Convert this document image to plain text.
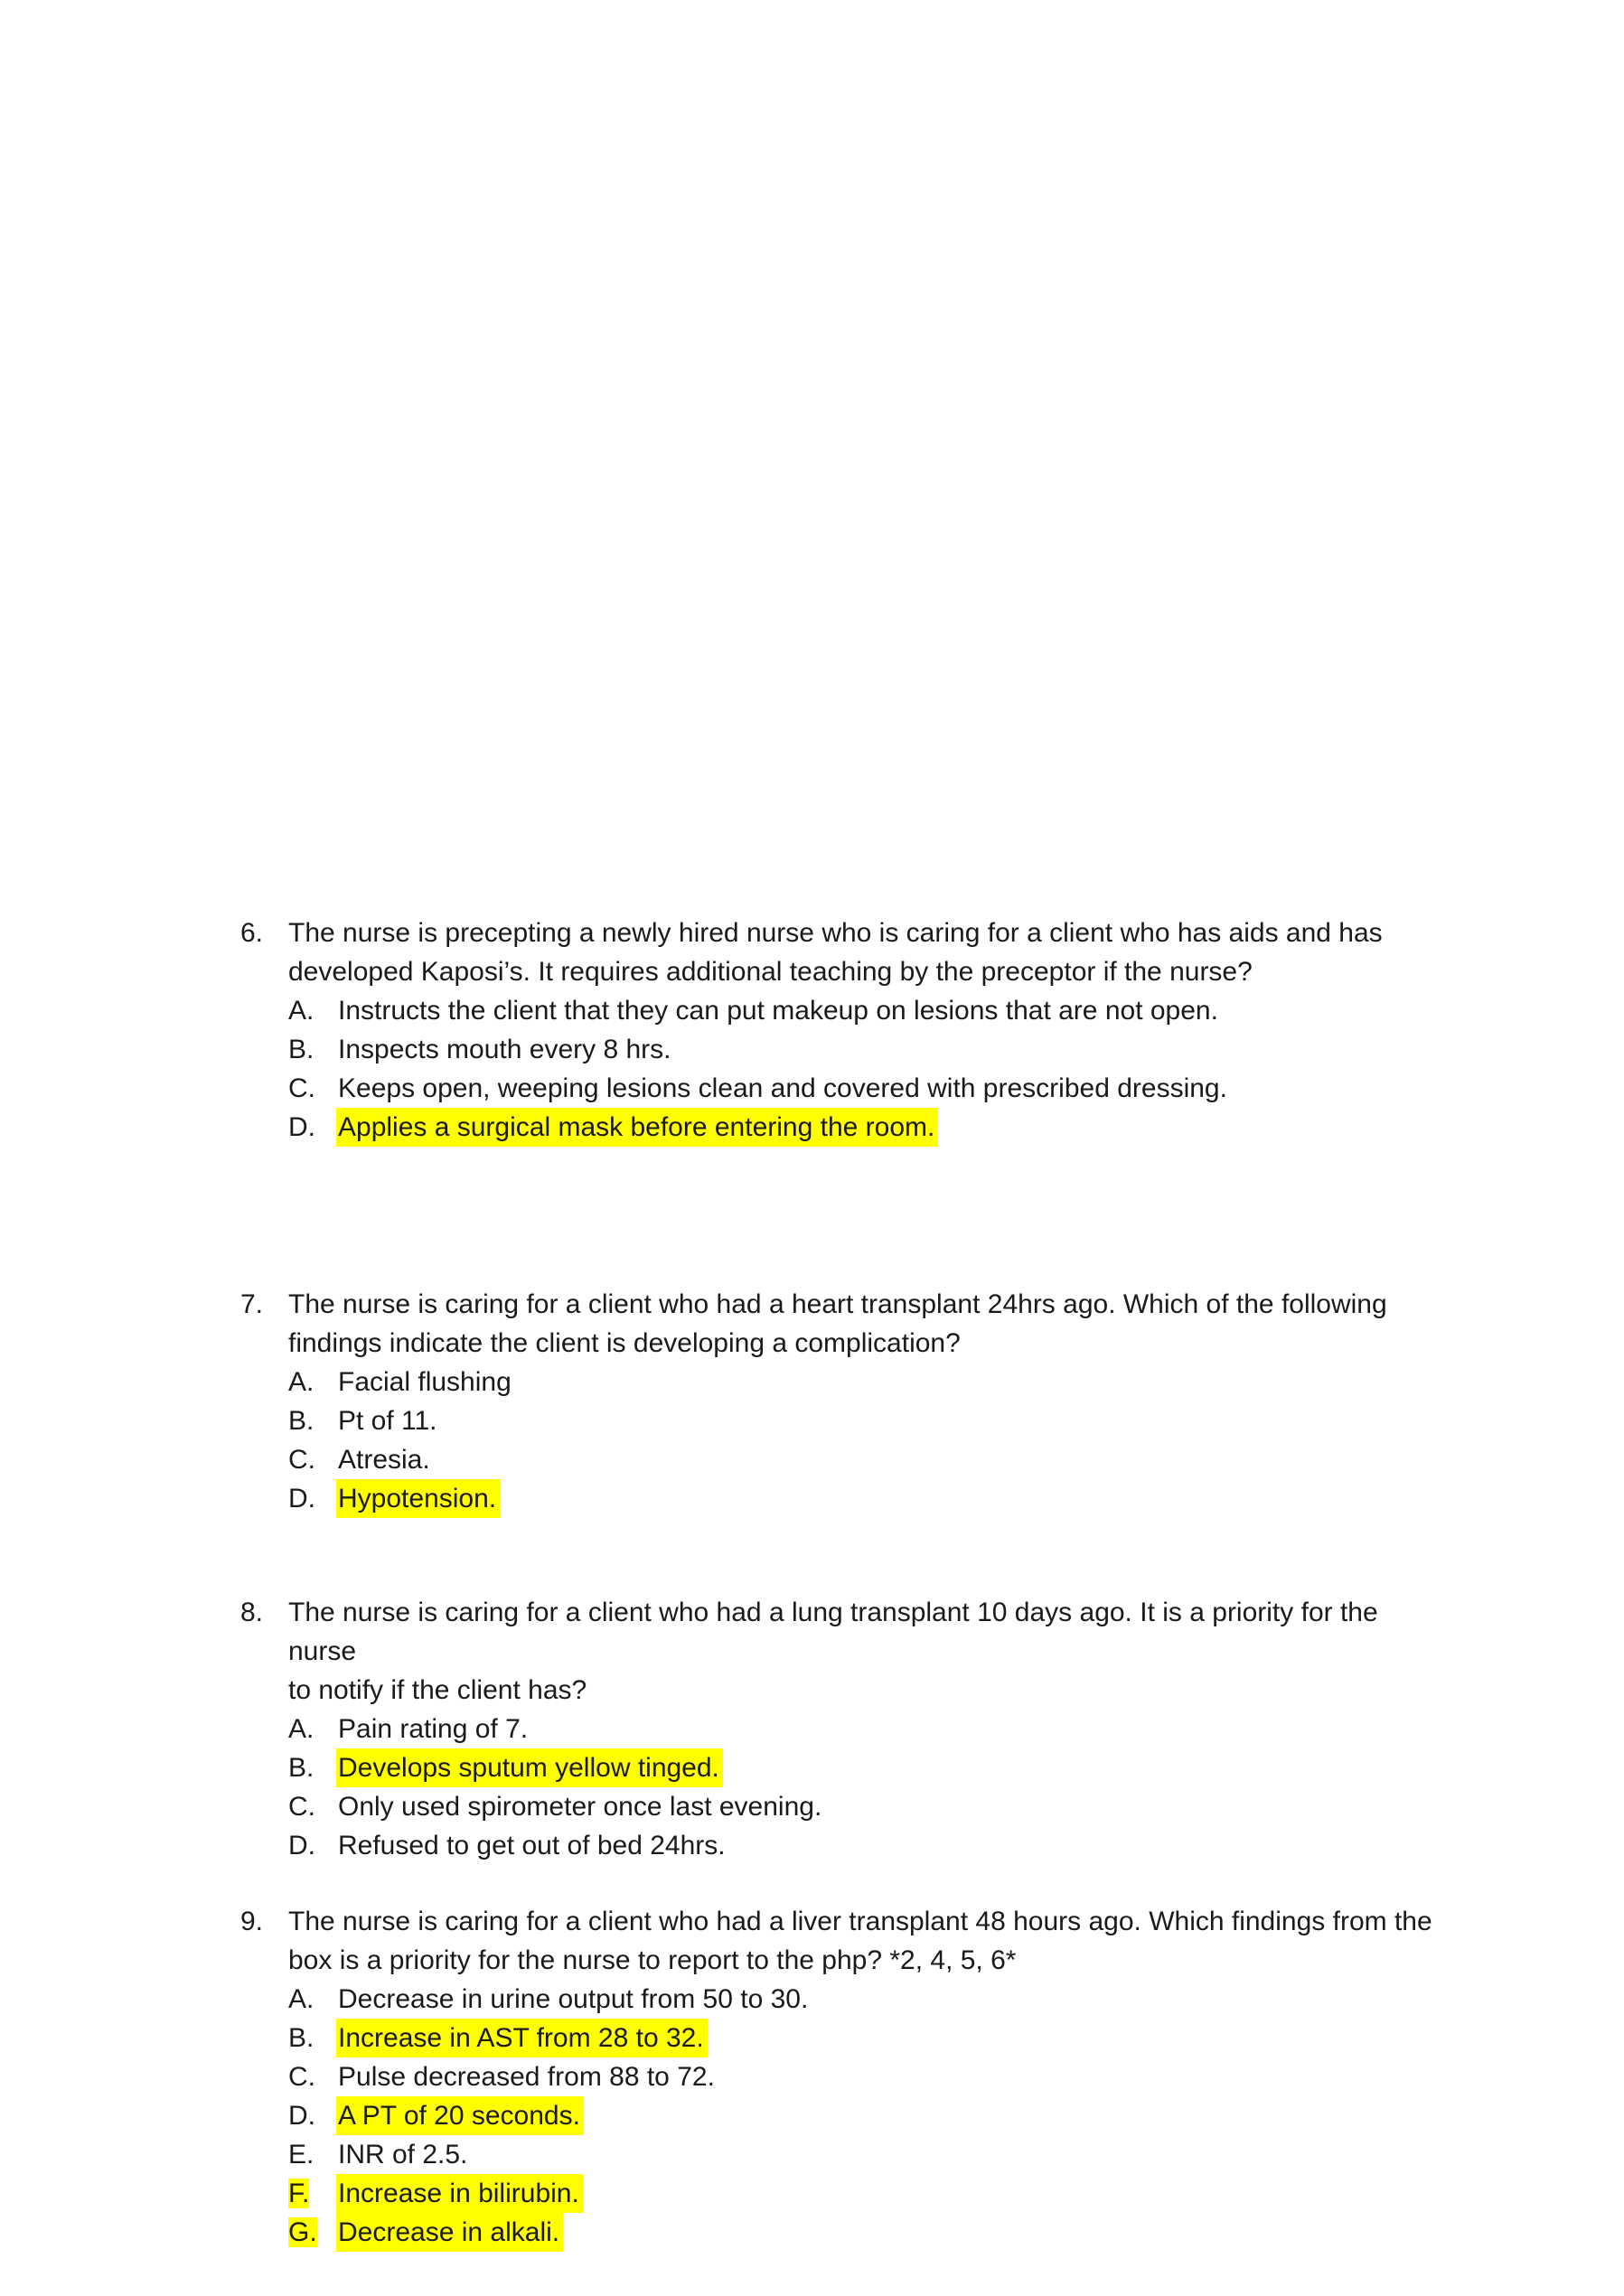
6. The nurse is precepting a newly hired nurse who is caring for a client who has aids and has
developed Kaposi’s. It requires additional teaching by the preceptor if the nurse?
A. Instructs the client that they can put makeup on lesions that are not open.
B. Inspects mouth every 8 hrs.
C. Keeps open, weeping lesions clean and covered with prescribed dressing.
D. Applies a surgical mask before entering the room.
7. The nurse is caring for a client who had a heart transplant 24hrs ago. Which of the following
findings indicate the client is developing a complication?
A. Facial flushing
B. Pt of 11.
C. Atresia.
D. Hypotension.
8. The nurse is caring for a client who had a lung transplant 10 days ago. It is a priority for the nurse
to notify if the client has?
A. Pain rating of 7.
B. Develops sputum yellow tinged.
C. Only used spirometer once last evening.
D. Refused to get out of bed 24hrs.
9. The nurse is caring for a client who had a liver transplant 48 hours ago. Which findings from the
box is a priority for the nurse to report to the php? *2, 4, 5, 6*
A. Decrease in urine output from 50 to 30.
B. Increase in AST from 28 to 32.
C. Pulse decreased from 88 to 72.
D. A PT of 20 seconds.
E. INR of 2.5.
F.	Increase in bilirubin.
G. Decrease in alkali.
